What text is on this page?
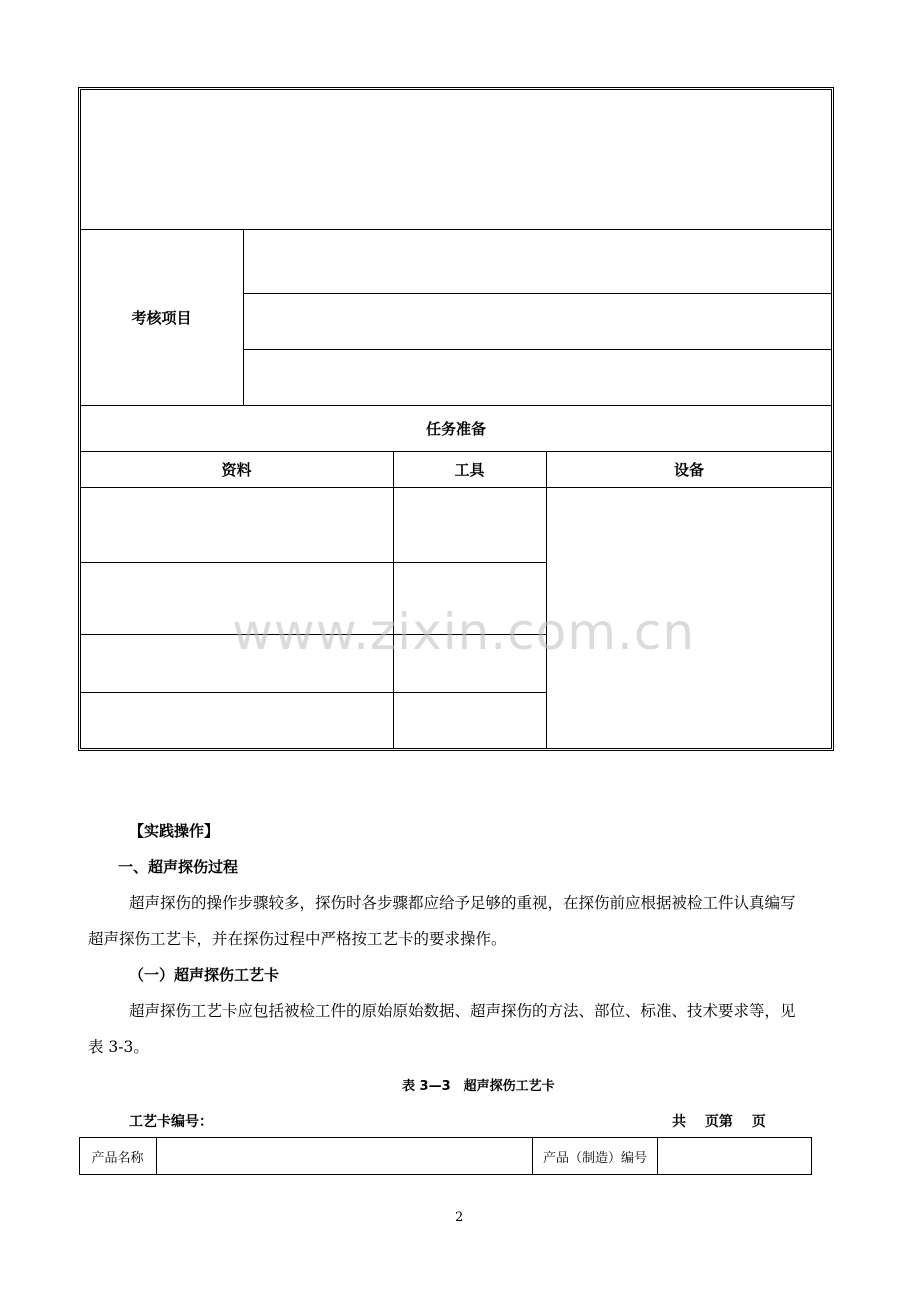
考核项目
任务准备
资料	工具	设备
www.zixin.com.cn
【实践操作】
一、超声探伤过程
超声探伤的操作步骤较多，探伤时各步骤都应给予足够的重视，在探伤前应根据被检工件认真编写
超声探伤工艺卡，并在探伤过程中严格按工艺卡的要求操作。
（一）超声探伤工艺卡
超声探伤工艺卡应包括被检工件的原始原始数据、超声探伤的方法、部位、标准、技术要求等，见
表 3-3。
表 3—3　超声探伤工艺卡
工艺卡编号：	共　 页第　 页
产品名称	产品（制造）编号
2
